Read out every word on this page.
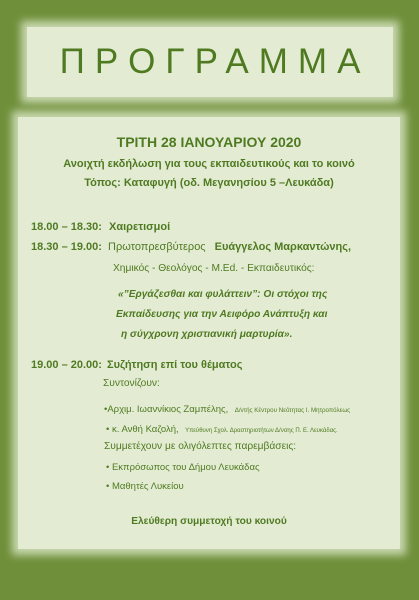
ΠΡΟΓΡΑΜΜΑ
ΤΡΙΤΗ 28 ΙΑΝΟΥΑΡΙΟΥ 2020
Ανοιχτή εκδήλωση για τους εκπαιδευτικούς και το κοινό
Τόπος: Καταφυγή (οδ. Μεγανησίου 5 –Λευκάδα)
18.00 – 18.30: Χαιρετισμοί
18.30 – 19.00: Πρωτοπρεσβύτερος Ευάγγελος Μαρκαντώνης,
Χημικός - Θεολόγος - M.Ed. - Εκπαιδευτικός:
«”Εργάζεσθαι και φυλάττειν”: Οι στόχοι της
Εκπαίδευσης για την Αειφόρο Ανάπτυξη και
η σύγχρονη χριστιανική μαρτυρία».
19.00 – 20.00: Συζήτηση επί του θέματος
Συντονίζουν:
•Αρχιμ. Ιωαννίκιος Ζαμπέλης, Δ/ντής Κέντρου Νεότητας Ι. Μητροπόλεως
• κ. Ανθή Καζολή, Υπεύθυνη Σχολ. Δραστηριοτήτων Δ/νσης Π. Ε. Λευκάδας.
Συμμετέχουν με ολιγόλεπτες παρεμβάσεις:
• Εκπρόσωπος του Δήμου Λευκάδας
• Μαθητές Λυκείου
Ελεύθερη συμμετοχή του κοινού
